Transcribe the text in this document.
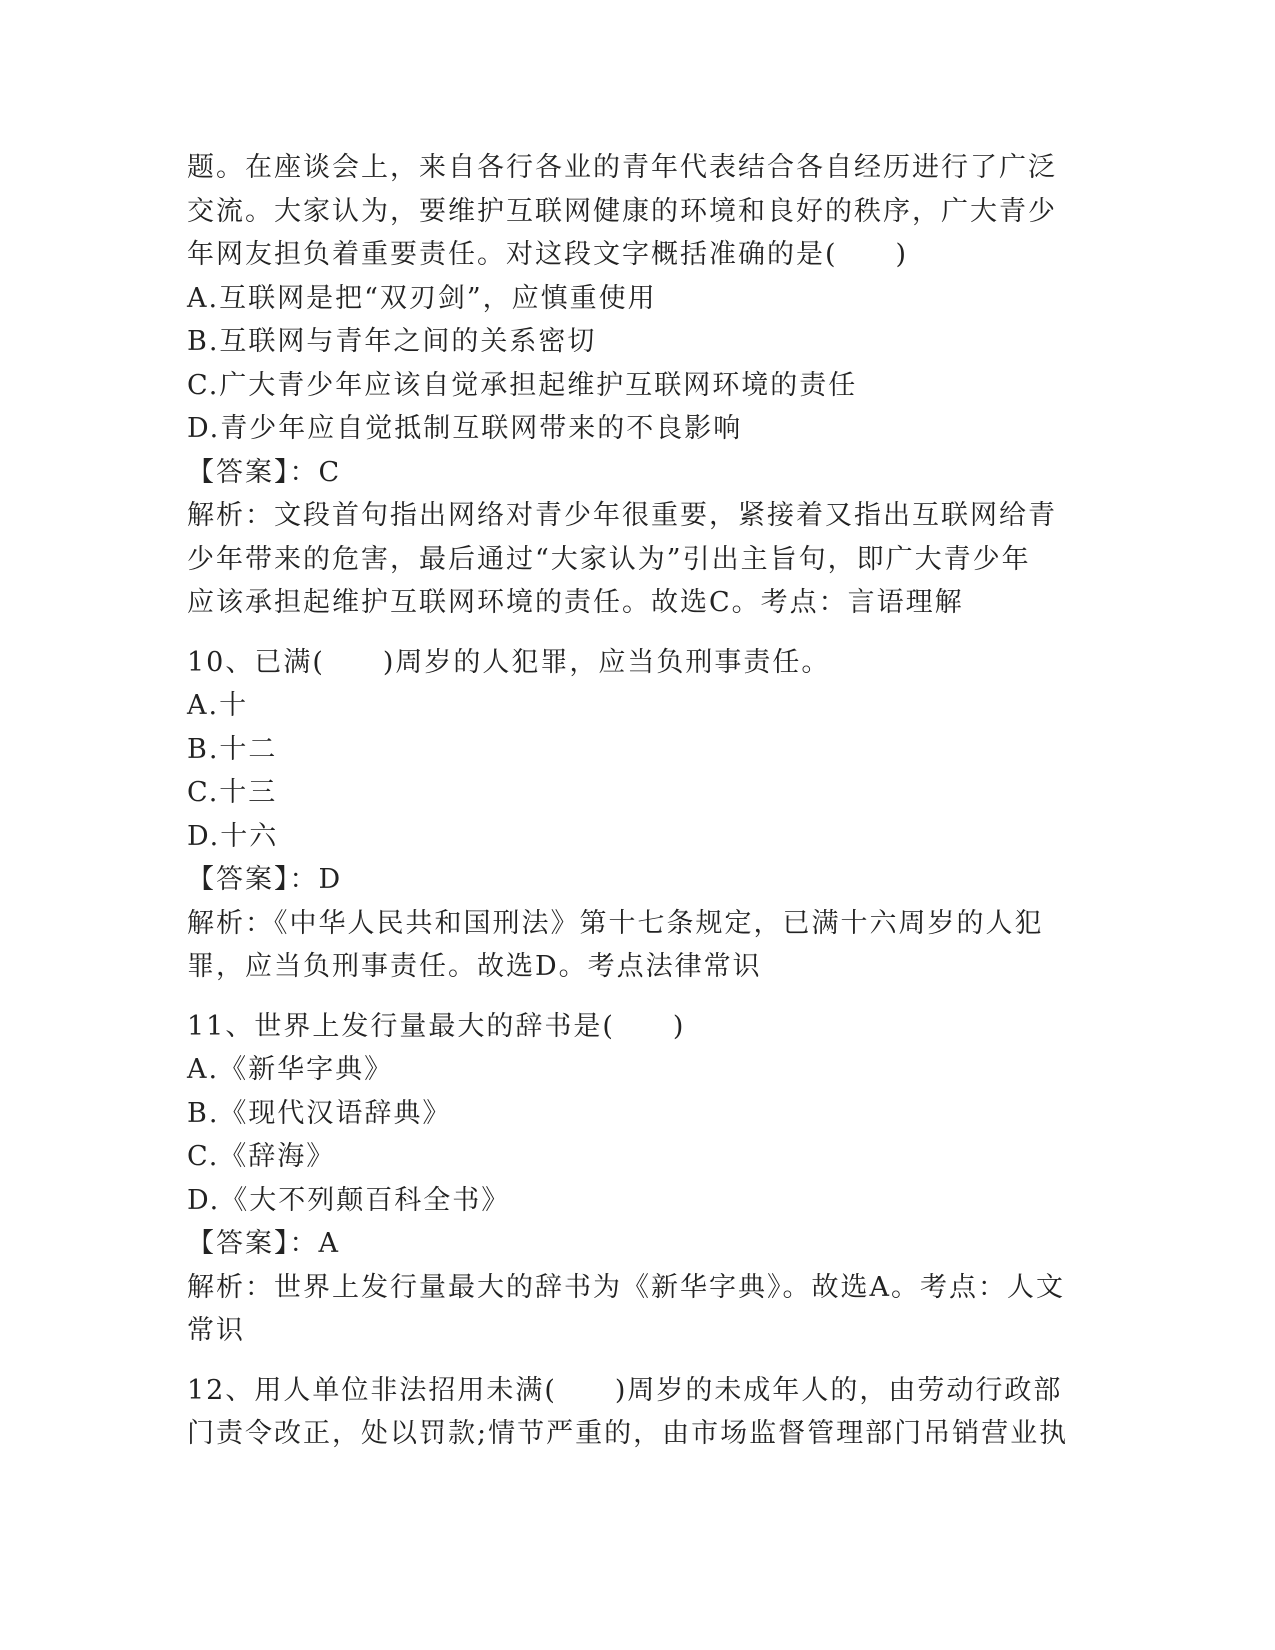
题。在座谈会上，来自各行各业的青年代表结合各自经历进行了广泛
交流。大家认为，要维护互联网健康的环境和良好的秩序，广大青少
年网友担负着重要责任。对这段文字概括准确的是(　　)
A.互联网是把“双刃剑”，应慎重使用
B.互联网与青年之间的关系密切
C.广大青少年应该自觉承担起维护互联网环境的责任
D.青少年应自觉抵制互联网带来的不良影响
【答案】：C
解析：文段首句指出网络对青少年很重要，紧接着又指出互联网给青
少年带来的危害，最后通过“大家认为”引出主旨句，即广大青少年
应该承担起维护互联网环境的责任。故选C。考点：言语理解
10、已满(　　)周岁的人犯罪，应当负刑事责任。
A.十
B.十二
C.十三
D.十六
【答案】：D
解析：《中华人民共和国刑法》第十七条规定，已满十六周岁的人犯
罪，应当负刑事责任。故选D。考点法律常识
11、世界上发行量最大的辞书是(　　)
A.《新华字典》
B.《现代汉语辞典》
C.《辞海》
D.《大不列颠百科全书》
【答案】：A
解析：世界上发行量最大的辞书为《新华字典》。故选A。考点：人文
常识
12、用人单位非法招用未满(　　)周岁的未成年人的，由劳动行政部
门责令改正，处以罚款;情节严重的，由市场监督管理部门吊销营业执
